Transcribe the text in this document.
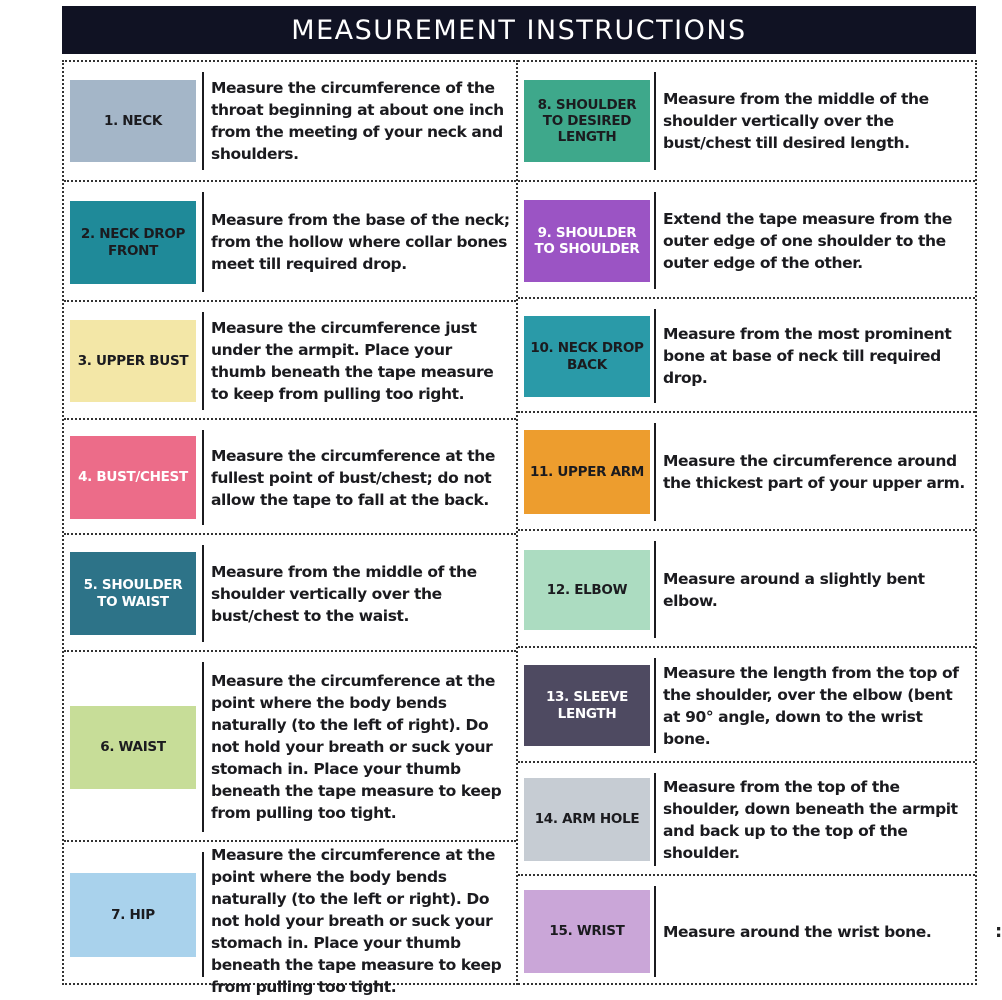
MEASUREMENT INSTRUCTIONS
1. NECK
Measure the circumference of the throat beginning at about one inch from the meeting of your neck and shoulders.
2. NECK DROP FRONT
Measure from the base of the neck; from the hollow where collar bones meet till required drop.
3. UPPER BUST
Measure the circumference just under the armpit. Place your thumb beneath the tape measure to keep from pulling too right.
4. BUST/CHEST
Measure the circumference at the fullest point of bust/chest; do not allow the tape to fall at the back.
5. SHOULDER TO WAIST
Measure from the middle of the shoulder vertically over the bust/chest to the waist.
6. WAIST
Measure the circumference at the point where the body bends naturally (to the left of right). Do not hold your breath or suck your stomach in. Place your thumb beneath the tape measure to keep from pulling too tight.
7. HIP
Measure the circumference at the point where the body bends naturally (to the left or right). Do not hold your breath or suck your stomach in. Place your thumb beneath the tape measure to keep from pulling too tight.
8. SHOULDER TO DESIRED LENGTH
Measure from the middle of the shoulder vertically over the bust/chest till desired length.
9. SHOULDER TO SHOULDER
Extend the tape measure from the outer edge of one shoulder to the outer edge of the other.
10. NECK DROP BACK
Measure from the most prominent bone at base of neck till required drop.
11. UPPER ARM
Measure the circumference around the thickest part of your upper arm.
12. ELBOW
Measure around a slightly bent elbow.
13. SLEEVE LENGTH
Measure the length from the top of the shoulder, over the elbow (bent at 90° angle, down to the wrist bone.
14. ARM HOLE
Measure from the top of the shoulder, down beneath the armpit and back up to the top of the shoulder.
15. WRIST	Measure around the wrist bone.	:
